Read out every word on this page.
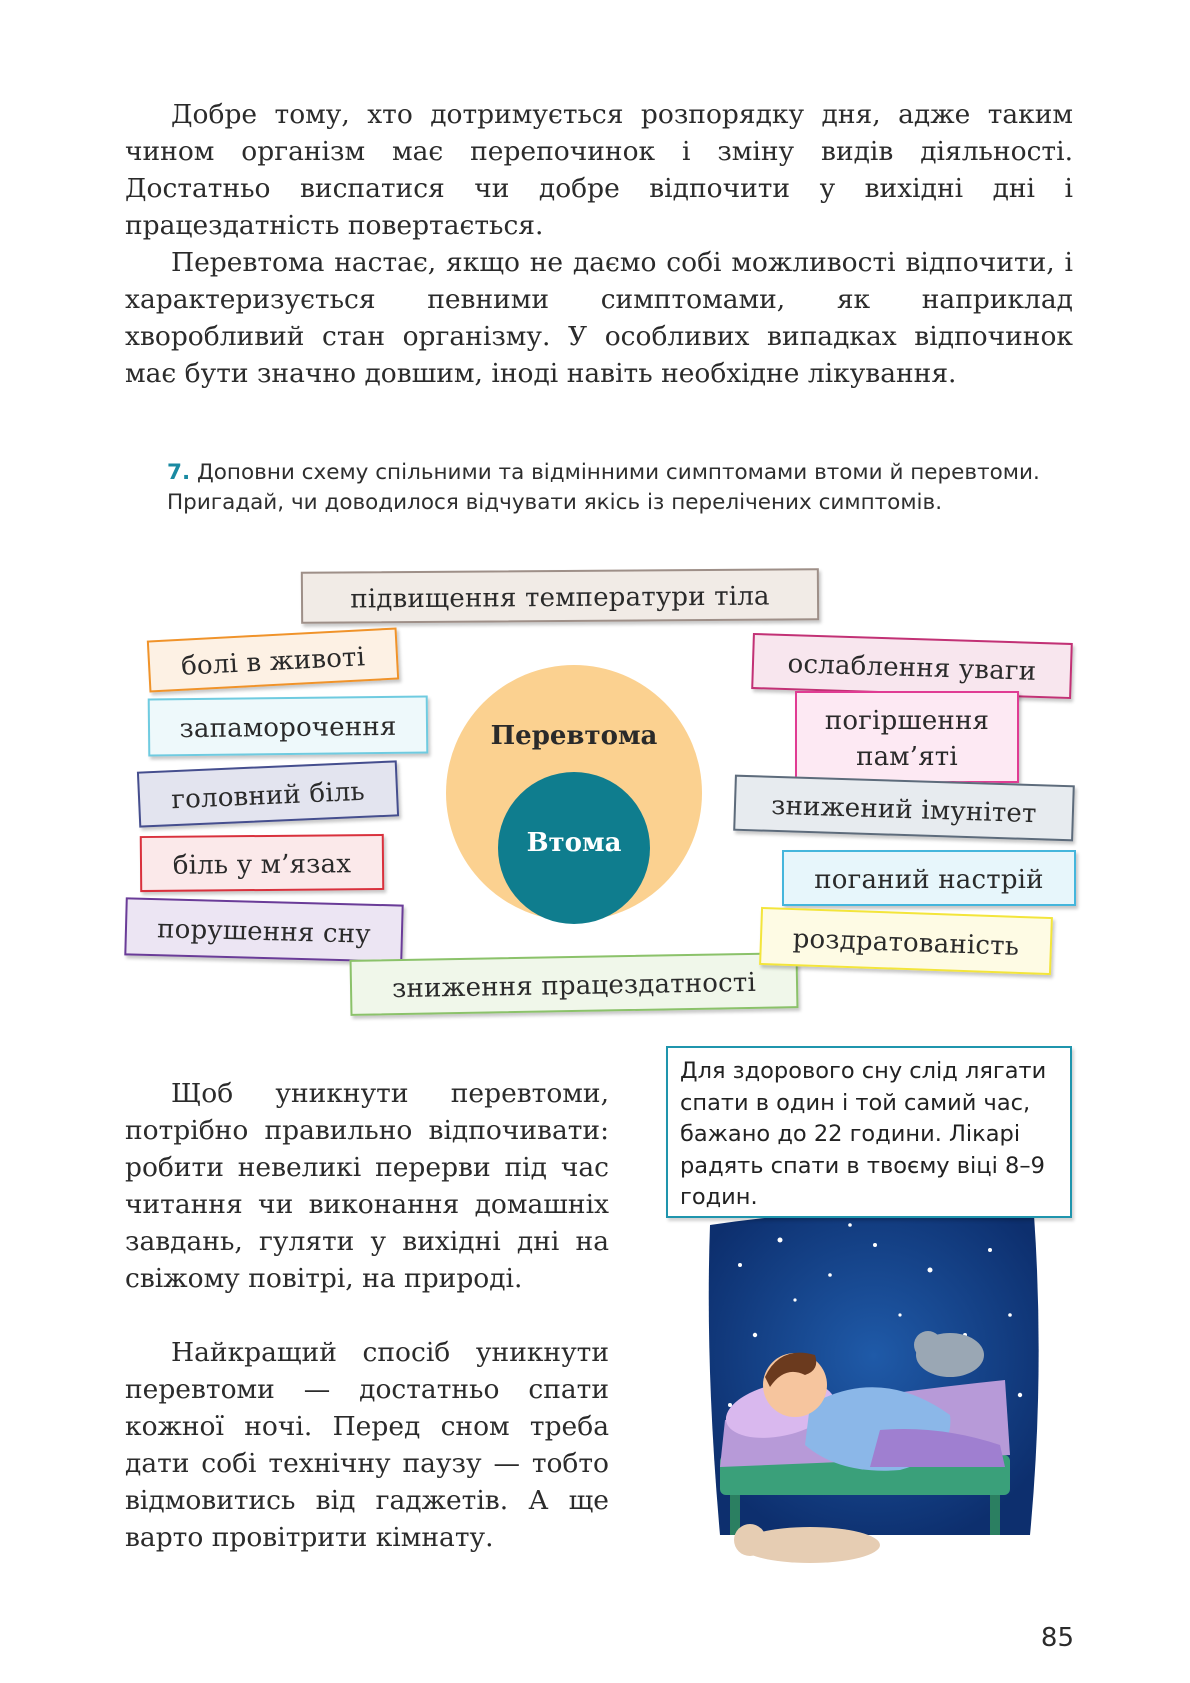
Добре тому, хто дотримується розпорядку дня, адже таким чином організм має перепочинок і зміну видів діяльності. Достатньо виспатися чи добре відпочити у вихідні дні і працездатність повертається.

Перевтома настає, якщо не даємо собі можливості відпочити, і характеризується певними симптомами, як наприклад хворобливий стан організму. У особливих випадках відпочинок має бути значно довшим, іноді навіть необхідне лікування.

7. Доповни схему спільними та відмінними симптомами втоми й перевтоми. Пригадай, чи доводилося відчувати якісь із перелічених симптомів.

Перевтома
Втома
підвищення температури тіла
болі в животі
запаморочення
головний біль
біль у м’язах
порушення сну
зниження працездатності
ослаблення уваги
погіршення
пам’яті
знижений імунітет
поганий настрій
роздратованість

Щоб уникнути перевтоми, потрібно правильно відпочивати: робити невеликі перерви під час читання чи виконання домашніх завдань, гуляти у вихідні дні на свіжому повітрі, на природі.

Найкращий спосіб уникнути перевтоми — достатньо спати кожної ночі. Перед сном треба дати собі технічну паузу — тобто відмовитись від гаджетів. А ще варто провітрити кімнату.

Для здорового сну слід лягати спати в один і той самий час, бажано до 22 години. Лікарі радять спати в твоєму віці 8–9 годин.
85
